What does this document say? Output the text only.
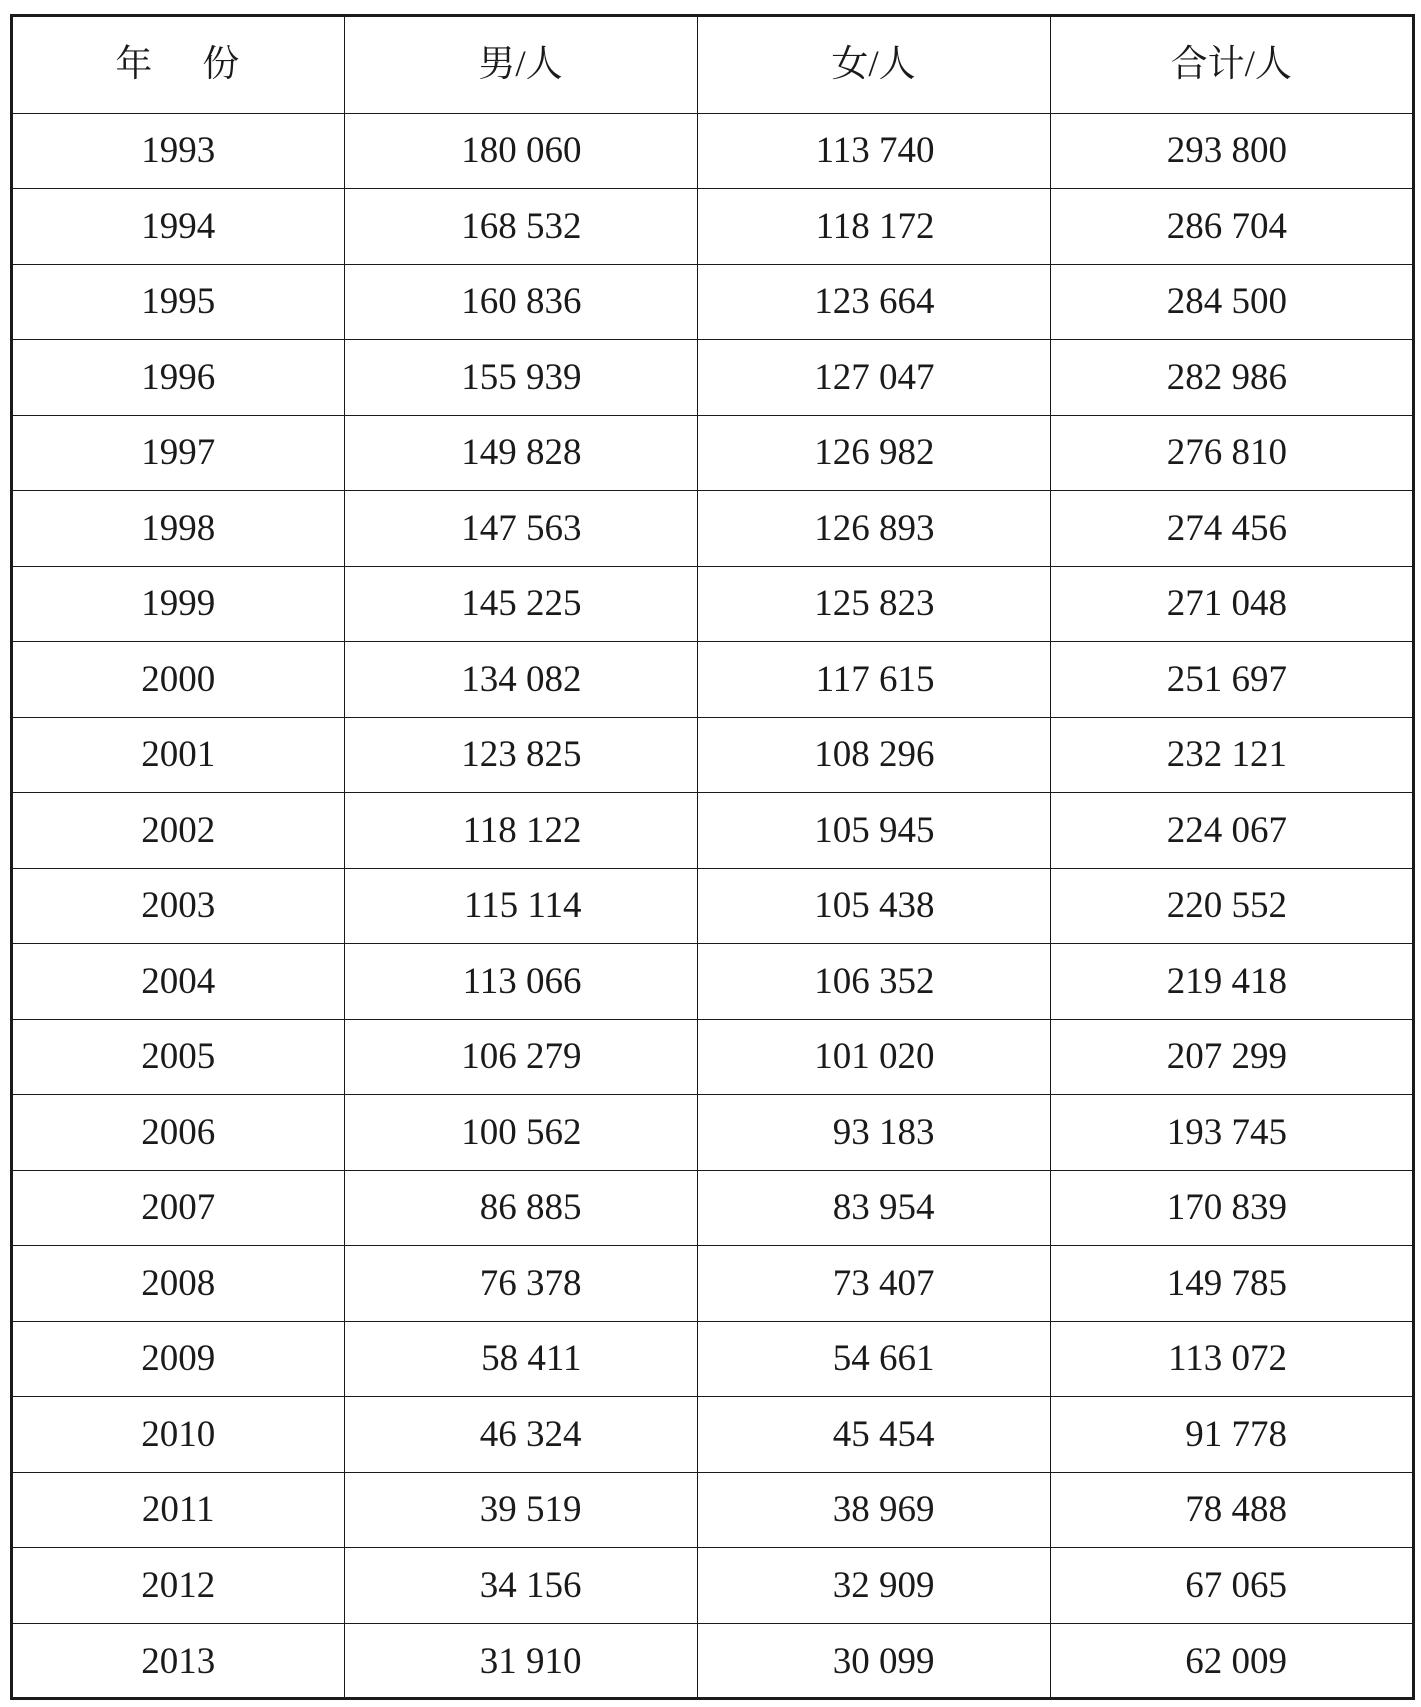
年 份	男/人	女/人	合计/人
1993	180 060	113 740	293 800
1994	168 532	118 172	286 704
1995	160 836	123 664	284 500
1996	155 939	127 047	282 986
1997	149 828	126 982	276 810
1998	147 563	126 893	274 456
1999	145 225	125 823	271 048
2000	134 082	117 615	251 697
2001	123 825	108 296	232 121
2002	118 122	105 945	224 067
2003	115 114	105 438	220 552
2004	113 066	106 352	219 418
2005	106 279	101 020	207 299
2006	100 562	93 183	193 745
2007	86 885	83 954	170 839
2008	76 378	73 407	149 785
2009	58 411	54 661	113 072
2010	46 324	45 454	91 778
2011	39 519	38 969	78 488
2012	34 156	32 909	67 065
2013	31 910	30 099	62 009
